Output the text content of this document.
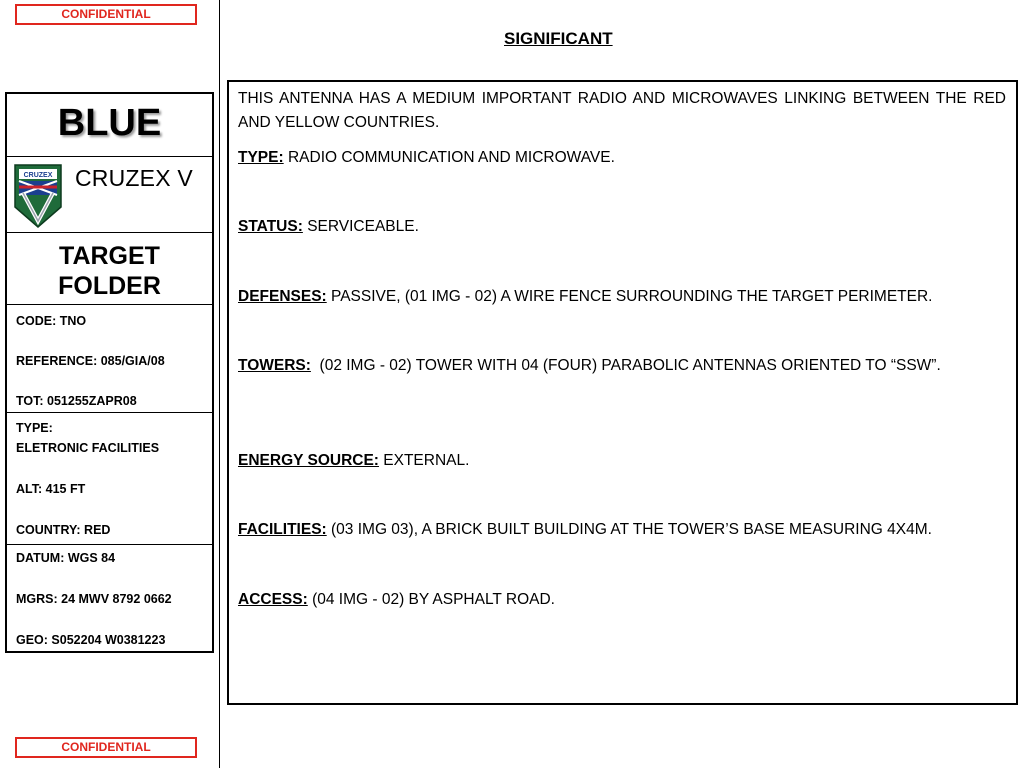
CONFIDENTIAL
BLUE
CRUZEX CRUZEX V
TARGET
FOLDER
CODE: TNO
REFERENCE: 085/GIA/08
TOT: 051255ZAPR08
TYPE:
ELETRONIC FACILITIES
ALT: 415 FT
COUNTRY: RED
DATUM: WGS 84
MGRS: 24 MWV 8792 0662
GEO: S052204 W0381223
CONFIDENTIAL
SIGNIFICANT
THIS ANTENNA HAS A MEDIUM IMPORTANT RADIO AND MICROWAVES LINKING BETWEEN THE RED AND YELLOW COUNTRIES.
TYPE: RADIO COMMUNICATION AND MICROWAVE.
STATUS: SERVICEABLE.
DEFENSES: PASSIVE, (01 IMG - 02) A WIRE FENCE SURROUNDING THE TARGET PERIMETER.
TOWERS: (02 IMG - 02) TOWER WITH 04 (FOUR) PARABOLIC ANTENNAS ORIENTED TO “SSW”.
ENERGY SOURCE: EXTERNAL.
FACILITIES: (03 IMG 03), A BRICK BUILT BUILDING AT THE TOWER’S BASE MEASURING 4X4M.
ACCESS: (04 IMG - 02) BY ASPHALT ROAD.
